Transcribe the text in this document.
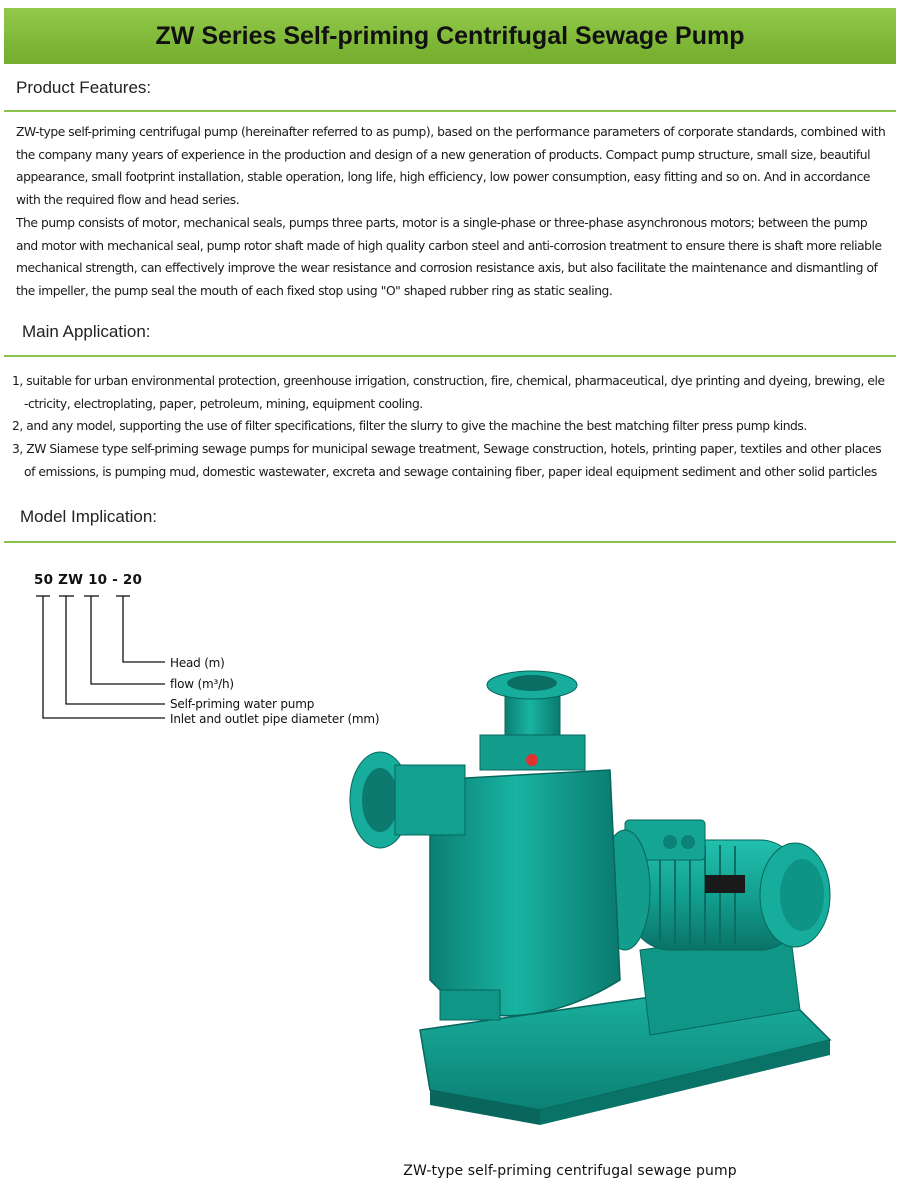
ZW Series Self-priming Centrifugal Sewage Pump
Product Features:
ZW-type self-priming centrifugal pump (hereinafter referred to as pump), based on the performance parameters of corporate standards, combined with
the company many years of experience in the production and design of a new generation of products. Compact pump structure, small size, beautiful
appearance, small footprint installation, stable operation, long life, high efficiency, low power consumption, easy fitting and so on. And in accordance
with the required flow and head series.
The pump consists of motor, mechanical seals, pumps three parts, motor is a single-phase or three-phase asynchronous motors; between the pump
and motor with mechanical seal, pump rotor shaft made of high quality carbon steel and anti-corrosion treatment to ensure there is shaft more reliable
mechanical strength, can effectively improve the wear resistance and corrosion resistance axis, but also facilitate the maintenance and dismantling of
the impeller, the pump seal the mouth of each fixed stop using "O" shaped rubber ring as static sealing.
Main Application:
1, suitable for urban environmental protection, greenhouse irrigation, construction, fire, chemical, pharmaceutical, dye printing and dyeing, brewing, ele
-ctricity, electroplating, paper, petroleum, mining, equipment cooling.
2, and any model, supporting the use of filter specifications, filter the slurry to give the machine the best matching filter press pump kinds.
3, ZW Siamese type self-priming sewage pumps for municipal sewage treatment, Sewage construction, hotels, printing paper, textiles and other places
of emissions, is pumping mud, domestic wastewater, excreta and sewage containing fiber, paper ideal equipment sediment and other solid particles
Model Implication:
50 ZW 10 - 20
Head (m)
flow (m³/h)
Self-priming water pump
Inlet and outlet pipe diameter (mm)
ZW-type self-priming centrifugal sewage pump
